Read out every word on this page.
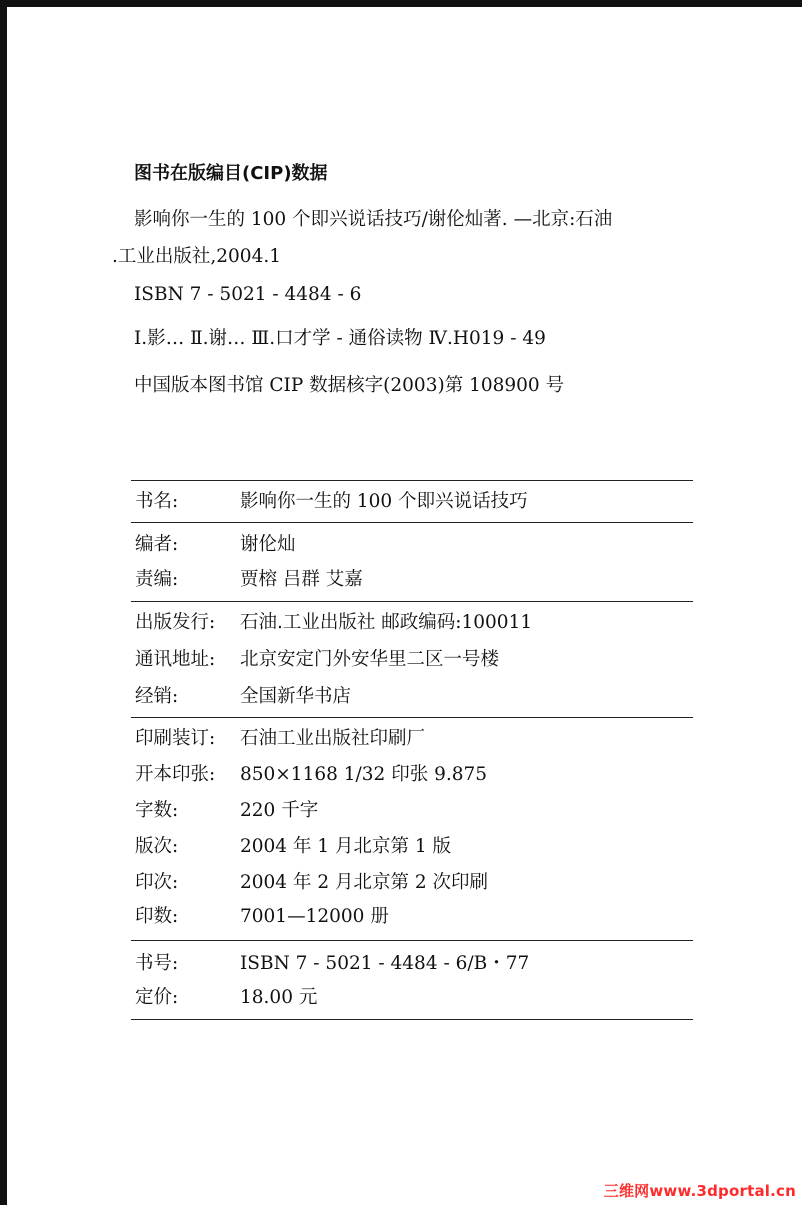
图书在版编目(CIP)数据
影响你一生的 100 个即兴说话技巧/谢伦灿著. —北京:石油
.工业出版社,2004.1
ISBN 7 - 5021 - 4484 - 6
Ⅰ.影… Ⅱ.谢… Ⅲ.口才学 - 通俗读物 Ⅳ.H019 - 49
中国版本图书馆 CIP 数据核字(2003)第 108900 号
书名:	影响你一生的 100 个即兴说话技巧
编者:	谢伦灿
责编:	贾榕 吕群 艾嘉
出版发行: 石油.工业出版社 邮政编码:100011
通讯地址: 北京安定门外安华里二区一号楼
经销:	全国新华书店
印刷装订: 石油工业出版社印刷厂
开本印张: 850×1168 1/32 印张 9.875
字数:	220 千字
版次:	2004 年 1 月北京第 1 版
印次:	2004 年 2 月北京第 2 次印刷
印数:	7001—12000 册
书号:	ISBN 7 - 5021 - 4484 - 6/B・77
定价:	18.00 元
三维网www.3dportal.cn
